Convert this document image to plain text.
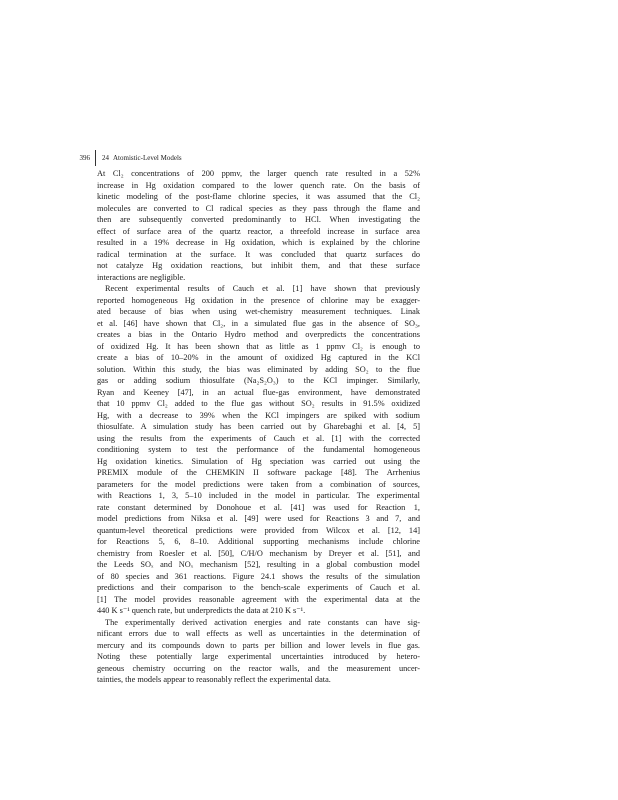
396 24 Atomistic-Level Models
At Cl₂ concentrations of 200 ppmv, the larger quench rate resulted in a 52%
increase in Hg oxidation compared to the lower quench rate. On the basis of
kinetic modeling of the post-flame chlorine species, it was assumed that the Cl₂
molecules are converted to Cl radical species as they pass through the flame and
then are subsequently converted predominantly to HCl. When investigating the
effect of surface area of the quartz reactor, a threefold increase in surface area
resulted in a 19% decrease in Hg oxidation, which is explained by the chlorine
radical termination at the surface. It was concluded that quartz surfaces do
not catalyze Hg oxidation reactions, but inhibit them, and that these surface
interactions are negligible.
Recent experimental results of Cauch et al. [1] have shown that previously
reported homogeneous Hg oxidation in the presence of chlorine may be exagger-
ated because of bias when using wet-chemistry measurement techniques. Linak
et al. [46] have shown that Cl₂, in a simulated flue gas in the absence of SO₃,
creates a bias in the Ontario Hydro method and overpredicts the concentrations
of oxidized Hg. It has been shown that as little as 1 ppmv Cl₂ is enough to
create a bias of 10–20% in the amount of oxidized Hg captured in the KCl
solution. Within this study, the bias was eliminated by adding SO₂ to the flue
gas or adding sodium thiosulfate (Na₂S₂O₃) to the KCl impinger. Similarly,
Ryan and Keeney [47], in an actual flue-gas environment, have demonstrated
that 10 ppmv Cl₂ added to the flue gas without SO₂ results in 91.5% oxidized
Hg, with a decrease to 39% when the KCl impingers are spiked with sodium
thiosulfate. A simulation study has been carried out by Gharebaghi et al. [4, 5]
using the results from the experiments of Cauch et al. [1] with the corrected
conditioning system to test the performance of the fundamental homogeneous
Hg oxidation kinetics. Simulation of Hg speciation was carried out using the
PREMIX module of the CHEMKIN II software package [48]. The Arrhenius
parameters for the model predictions were taken from a combination of sources,
with Reactions 1, 3, 5–10 included in the model in particular. The experimental
rate constant determined by Donohoue et al. [41] was used for Reaction 1,
model predictions from Niksa et al. [49] were used for Reactions 3 and 7, and
quantum-level theoretical predictions were provided from Wilcox et al. [12, 14]
for Reactions 5, 6, 8–10. Additional supporting mechanisms include chlorine
chemistry from Roesler et al. [50], C/H/O mechanism by Dreyer et al. [51], and
the Leeds SOₓ and NOₓ mechanism [52], resulting in a global combustion model
of 80 species and 361 reactions. Figure 24.1 shows the results of the simulation
predictions and their comparison to the bench-scale experiments of Cauch et al.
[1] The model provides reasonable agreement with the experimental data at the
440 K s⁻¹ quench rate, but underpredicts the data at 210 K s⁻¹.
The experimentally derived activation energies and rate constants can have sig-
nificant errors due to wall effects as well as uncertainties in the determination of
mercury and its compounds down to parts per billion and lower levels in flue gas.
Noting these potentially large experimental uncertainties introduced by hetero-
geneous chemistry occurring on the reactor walls, and the measurement uncer-
tainties, the models appear to reasonably reflect the experimental data.
